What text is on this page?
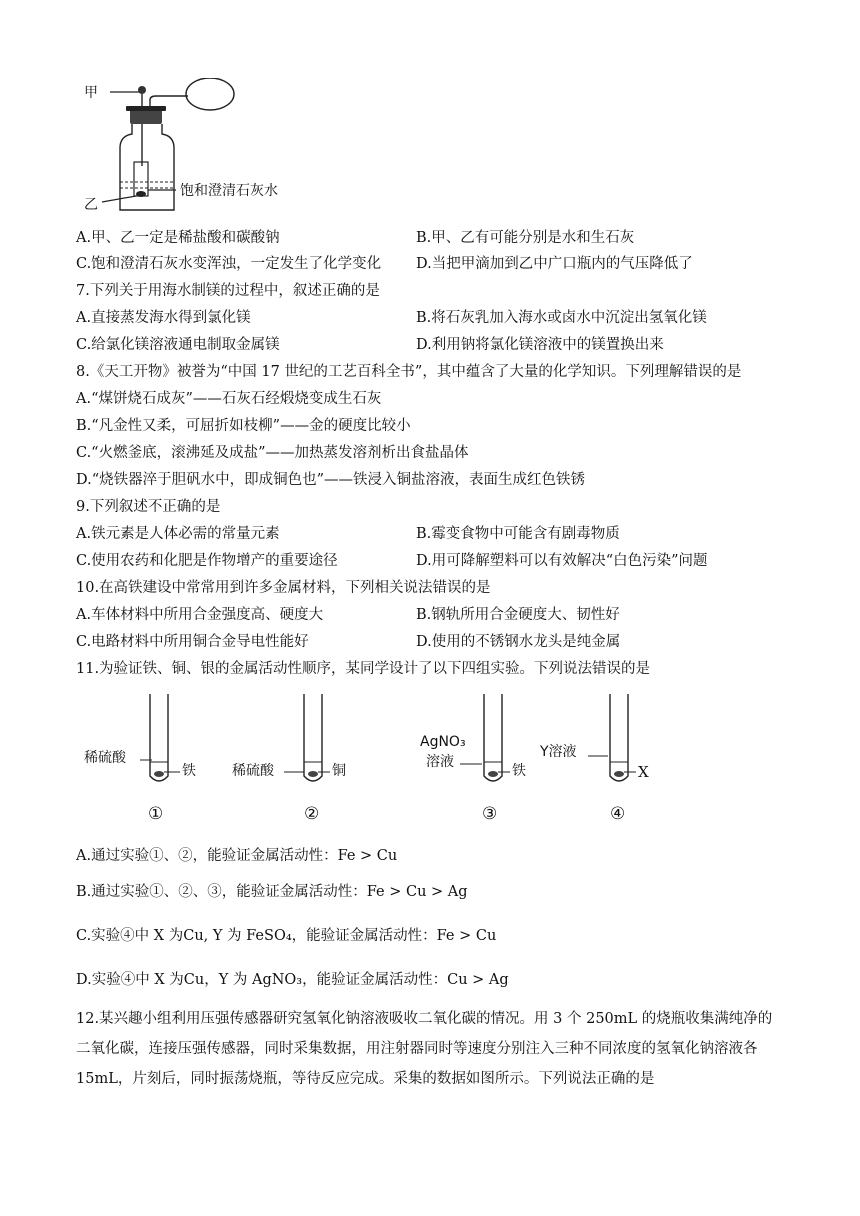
甲
乙
饱和澄清石灰水
A.甲、乙一定是稀盐酸和碳酸钠	B.甲、乙有可能分别是水和生石灰
C.饱和澄清石灰水变浑浊，一定发生了化学变化 D.当把甲滴加到乙中广口瓶内的气压降低了
7.下列关于用海水制镁的过程中，叙述正确的是
A.直接蒸发海水得到氯化镁	B.将石灰乳加入海水或卤水中沉淀出氢氧化镁
C.给氯化镁溶液通电制取金属镁	D.利用钠将氯化镁溶液中的镁置换出来
8.《天工开物》被誉为“中国 17 世纪的工艺百科全书”，其中蕴含了大量的化学知识。下列理解错误的是
A.“煤饼烧石成灰”——石灰石经煅烧变成生石灰
B.“凡金性又柔，可屈折如枝柳”——金的硬度比较小
C.“火燃釜底，滚沸延及成盐”——加热蒸发溶剂析出食盐晶体
D.“烧铁器淬于胆矾水中，即成铜色也”——铁浸入铜盐溶液，表面生成红色铁锈
9.下列叙述不正确的是
A.铁元素是人体必需的常量元素	B.霉变食物中可能含有剧毒物质
C.使用农药和化肥是作物增产的重要途径	D.用可降解塑料可以有效解决“白色污染”问题
10.在高铁建设中常常用到许多金属材料，下列相关说法错误的是
A.车体材料中所用合金强度高、硬度大	B.钢轨所用合金硬度大、韧性好
C.电路材料中所用铜合金导电性能好	D.使用的不锈钢水龙头是纯金属
11.为验证铁、铜、银的金属活动性顺序，某同学设计了以下四组实验。下列说法错误的是
稀硫酸
铁
①
稀硫酸	铜
②
AgNO₃
溶液
铁
③
Y溶液
X
④
A.通过实验①、②，能验证金属活动性：Fe > Cu
B.通过实验①、②、③，能验证金属活动性：Fe > Cu > Ag
C.实验④中 X 为Cu, Y 为 FeSO₄，能验证金属活动性：Fe > Cu
D.实验④中 X 为Cu，Y 为 AgNO₃，能验证金属活动性：Cu > Ag
12.某兴趣小组利用压强传感器研究氢氧化钠溶液吸收二氧化碳的情况。用 3 个 250mL 的烧瓶收集满纯净的二氧化碳，连接压强传感器，同时采集数据，用注射器同时等速度分别注入三种不同浓度的氢氧化钠溶液各 15mL，片刻后，同时振荡烧瓶，等待反应完成。采集的数据如图所示。下列说法正确的是
